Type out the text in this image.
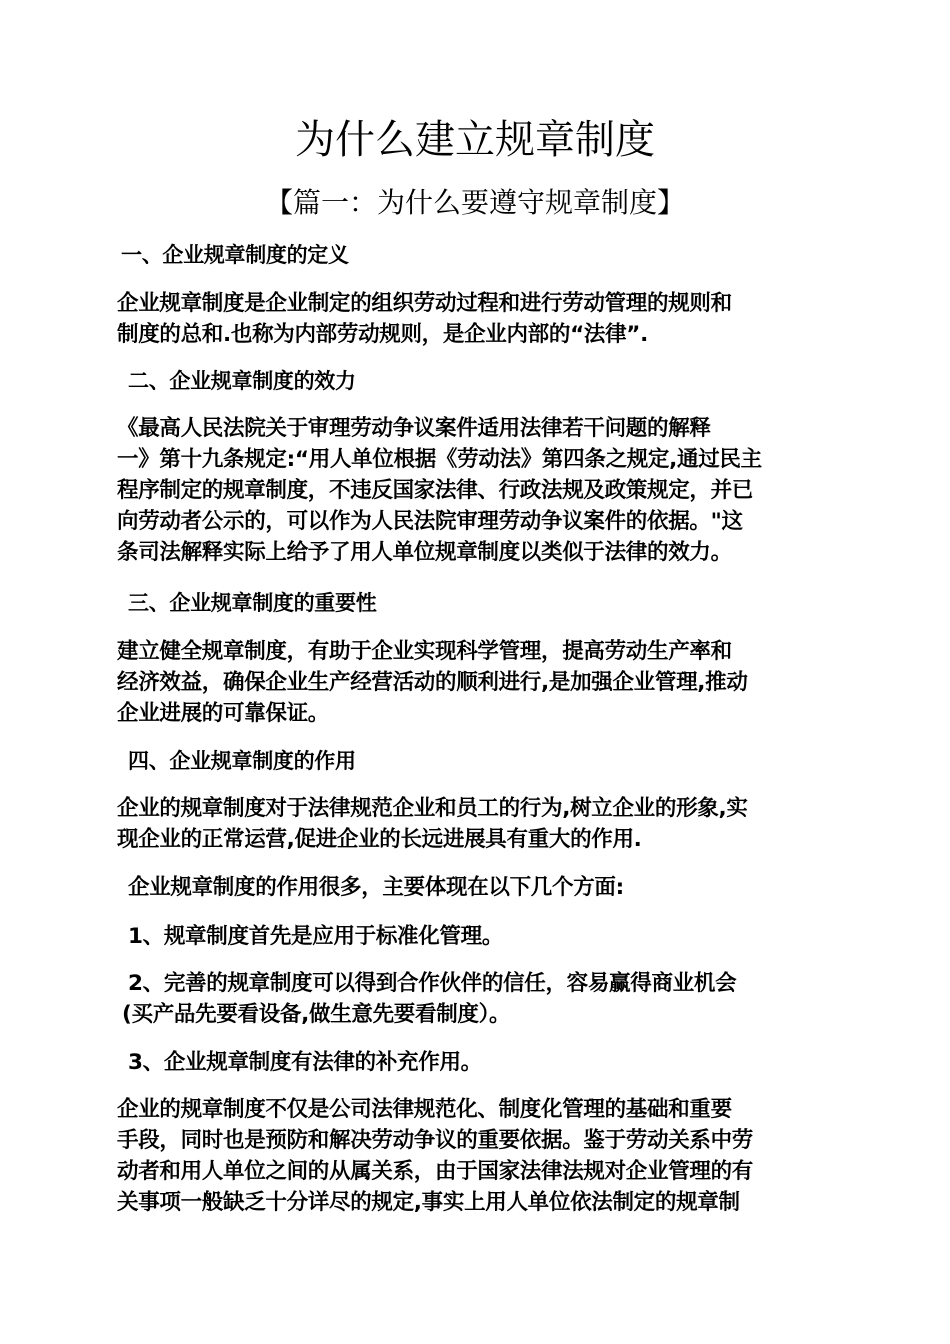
为什么建立规章制度
【篇一：为什么要遵守规章制度】
一、企业规章制度的定义
企业规章制度是企业制定的组织劳动过程和进行劳动管理的规则和
制度的总和.也称为内部劳动规则，是企业内部的“法律”.
二、企业规章制度的效力
《最高人民法院关于审理劳动争议案件适用法律若干问题的解释
一》第十九条规定:“用人单位根据《劳动法》第四条之规定,通过民主
程序制定的规章制度，不违反国家法律、行政法规及政策规定，并已
向劳动者公示的，可以作为人民法院审理劳动争议案件的依据。"这
条司法解释实际上给予了用人单位规章制度以类似于法律的效力。
三、企业规章制度的重要性
建立健全规章制度，有助于企业实现科学管理，提高劳动生产率和
经济效益，确保企业生产经营活动的顺利进行,是加强企业管理,推动
企业进展的可靠保证。
四、企业规章制度的作用
企业的规章制度对于法律规范企业和员工的行为,树立企业的形象,实
现企业的正常运营,促进企业的长远进展具有重大的作用.
企业规章制度的作用很多，主要体现在以下几个方面:
1、规章制度首先是应用于标准化管理。
2、完善的规章制度可以得到合作伙伴的信任，容易赢得商业机会
(买产品先要看设备,做生意先要看制度）。
3、企业规章制度有法律的补充作用。
企业的规章制度不仅是公司法律规范化、制度化管理的基础和重要
手段，同时也是预防和解决劳动争议的重要依据。鉴于劳动关系中劳
动者和用人单位之间的从属关系，由于国家法律法规对企业管理的有
关事项一般缺乏十分详尽的规定,事实上用人单位依法制定的规章制
